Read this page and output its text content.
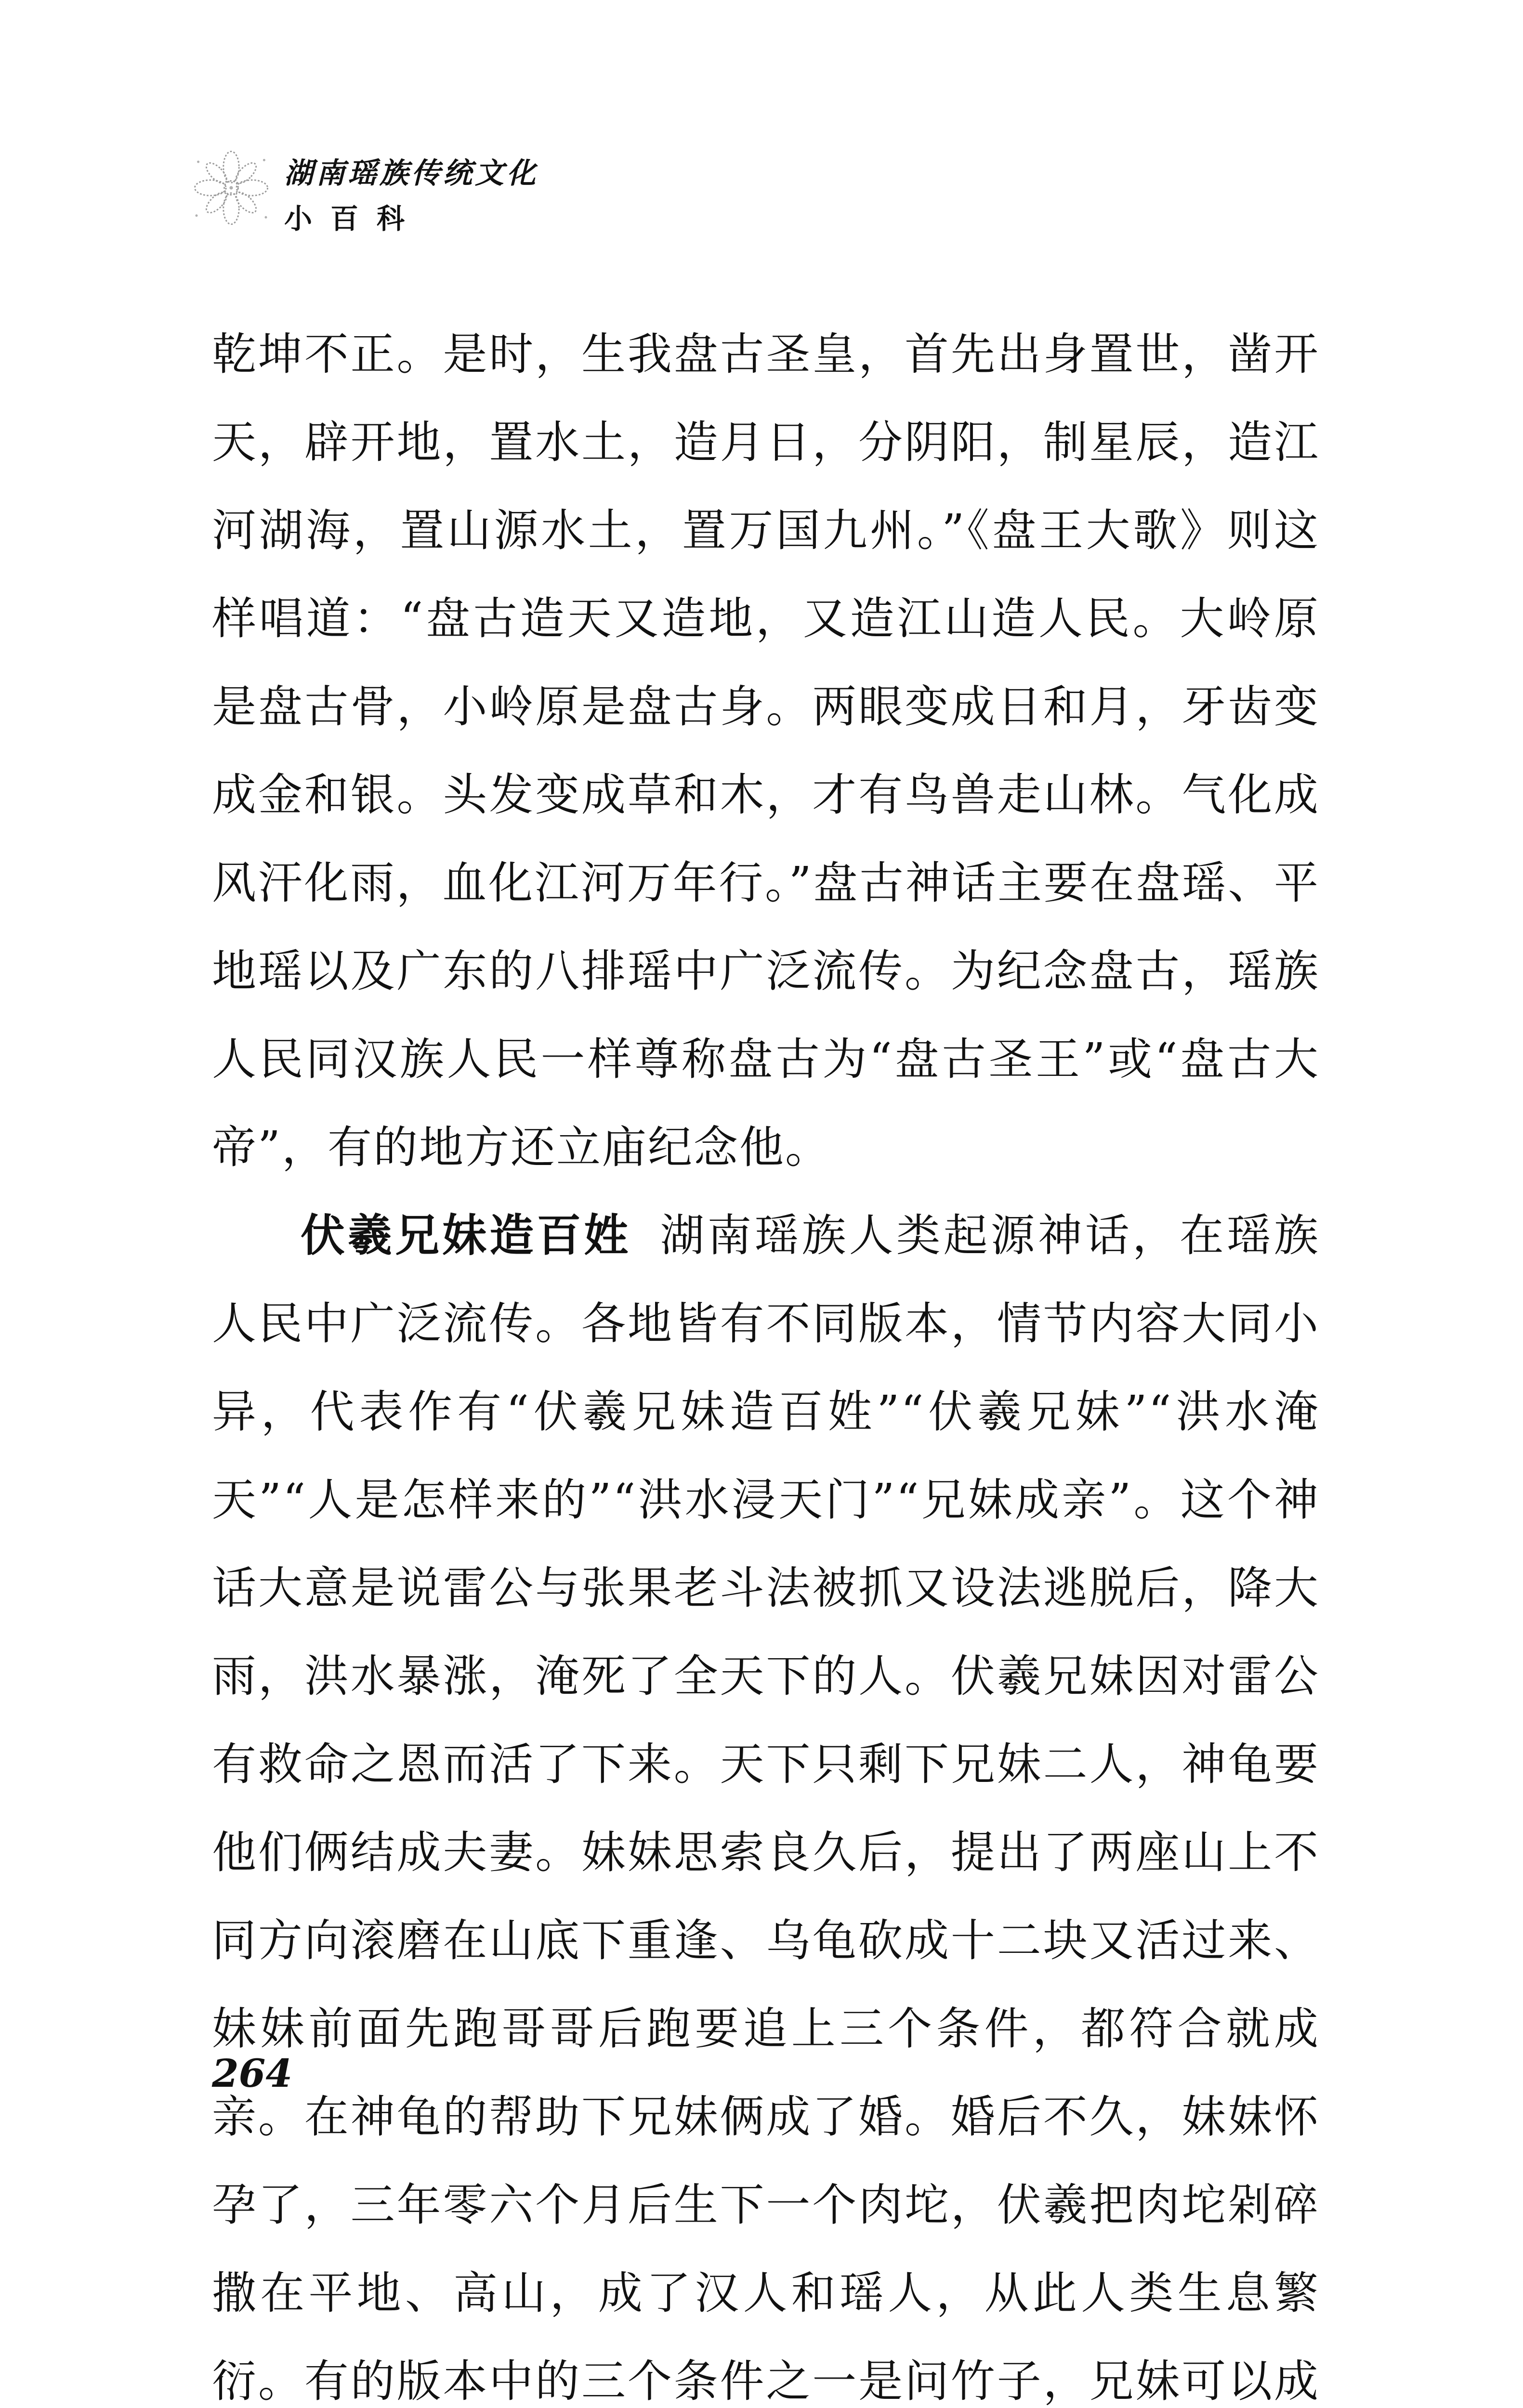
湖南瑶族传统文化
小百科

乾坤不正。是时，生我盘古圣皇，首先出身置世，凿开天，辟开地，置水土，造月日，分阴阳，制星辰，造江河湖海，置山源水土，置万国九州。”《盘王大歌》则这样唱道：“盘古造天又造地，又造江山造人民。大岭原是盘古骨，小岭原是盘古身。两眼变成日和月，牙齿变成金和银。头发变成草和木，才有鸟兽走山林。气化成风汗化雨，血化江河万年行。”盘古神话主要在盘瑶、平地瑶以及广东的八排瑶中广泛流传。为纪念盘古，瑶族人民同汉族人民一样尊称盘古为“盘古圣王”或“盘古大帝”，有的地方还立庙纪念他。

伏羲兄妹造百姓 湖南瑶族人类起源神话，在瑶族人民中广泛流传。各地皆有不同版本，情节内容大同小异，代表作有“伏羲兄妹造百姓”“伏羲兄妹”“洪水淹天”“人是怎样来的”“洪水浸天门”“兄妹成亲”。这个神话大意是说雷公与张果老斗法被抓又设法逃脱后，降大雨，洪水暴涨，淹死了全天下的人。伏羲兄妹因对雷公有救命之恩而活了下来。天下只剩下兄妹二人，神龟要他们俩结成夫妻。妹妹思索良久后，提出了两座山上不同方向滚磨在山底下重逢、乌龟砍成十二块又活过来、妹妹前面先跑哥哥后跑要追上三个条件，都符合就成亲。在神龟的帮助下兄妹俩成了婚。婚后不久，妹妹怀孕了，三年零六个月后生下一个肉坨，伏羲把肉坨剁碎撒在平地、高山，成了汉人和瑶人，从此人类生息繁衍。有的版本中的三个条件之一是问竹子，兄妹可以成

264
